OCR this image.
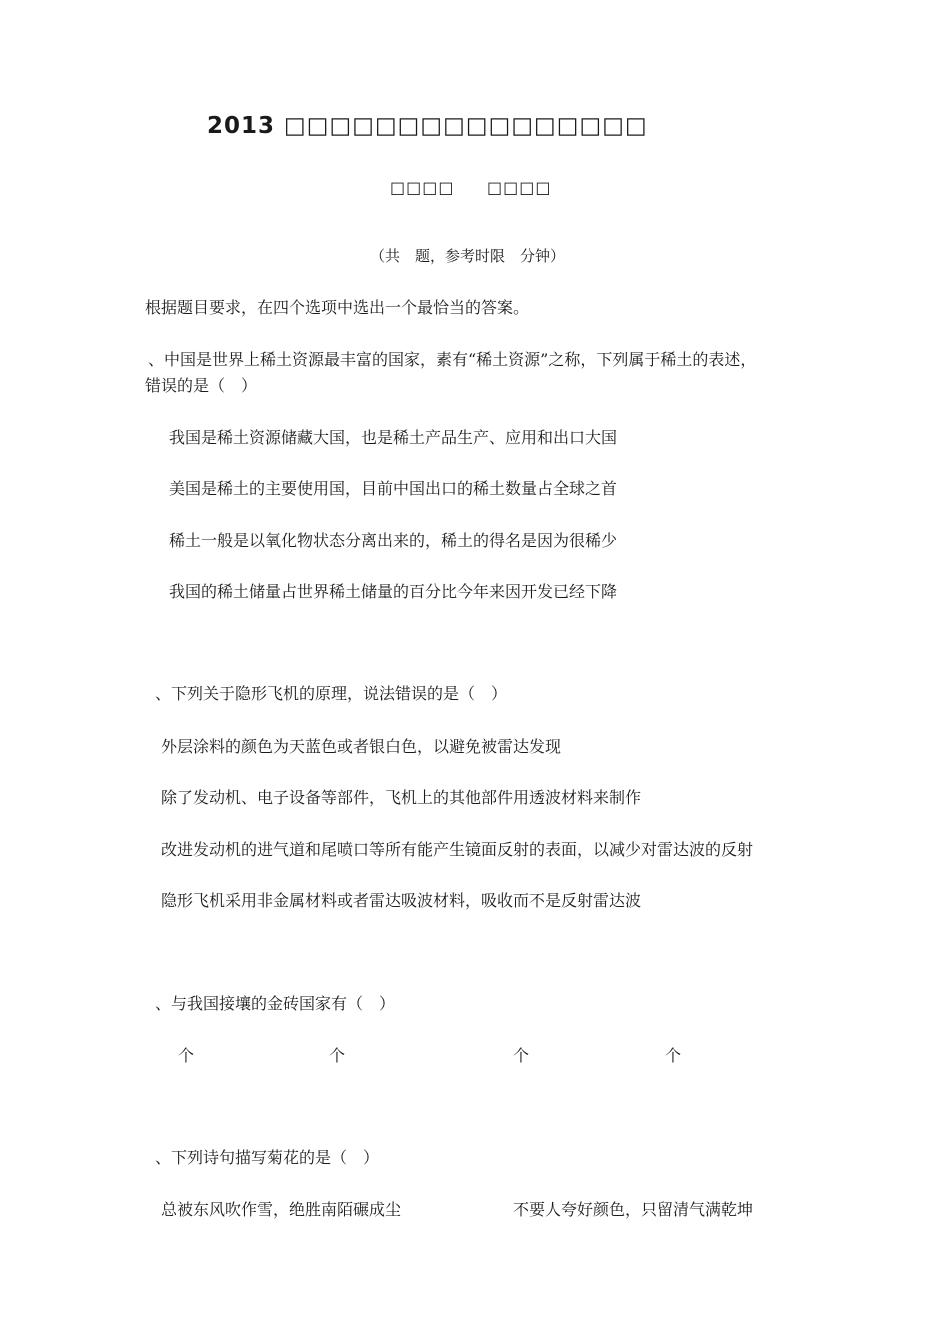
2013 □□□□□□□□□□□□□□□□
□□□□ □□□□
（共　题，参考时限　分钟）
根据题目要求，在四个选项中选出一个最恰当的答案。
、中国是世界上稀土资源最丰富的国家，素有“稀土资源”之称，下列属于稀土的表述，
错误的是（　）
我国是稀土资源储藏大国，也是稀土产品生产、应用和出口大国
美国是稀土的主要使用国，目前中国出口的稀土数量占全球之首
稀土一般是以氧化物状态分离出来的，稀土的得名是因为很稀少
我国的稀土储量占世界稀土储量的百分比今年来因开发已经下降
、下列关于隐形飞机的原理，说法错误的是（　）
外层涂料的颜色为天蓝色或者银白色，以避免被雷达发现
除了发动机、电子设备等部件，飞机上的其他部件用透波材料来制作
改进发动机的进气道和尾喷口等所有能产生镜面反射的表面，以减少对雷达波的反射
隐形飞机采用非金属材料或者雷达吸波材料，吸收而不是反射雷达波
、与我国接壤的金砖国家有（　）
个	个	个	个
、下列诗句描写菊花的是（　）
总被东风吹作雪，绝胜南陌碾成尘	不要人夸好颜色，只留清气满乾坤
